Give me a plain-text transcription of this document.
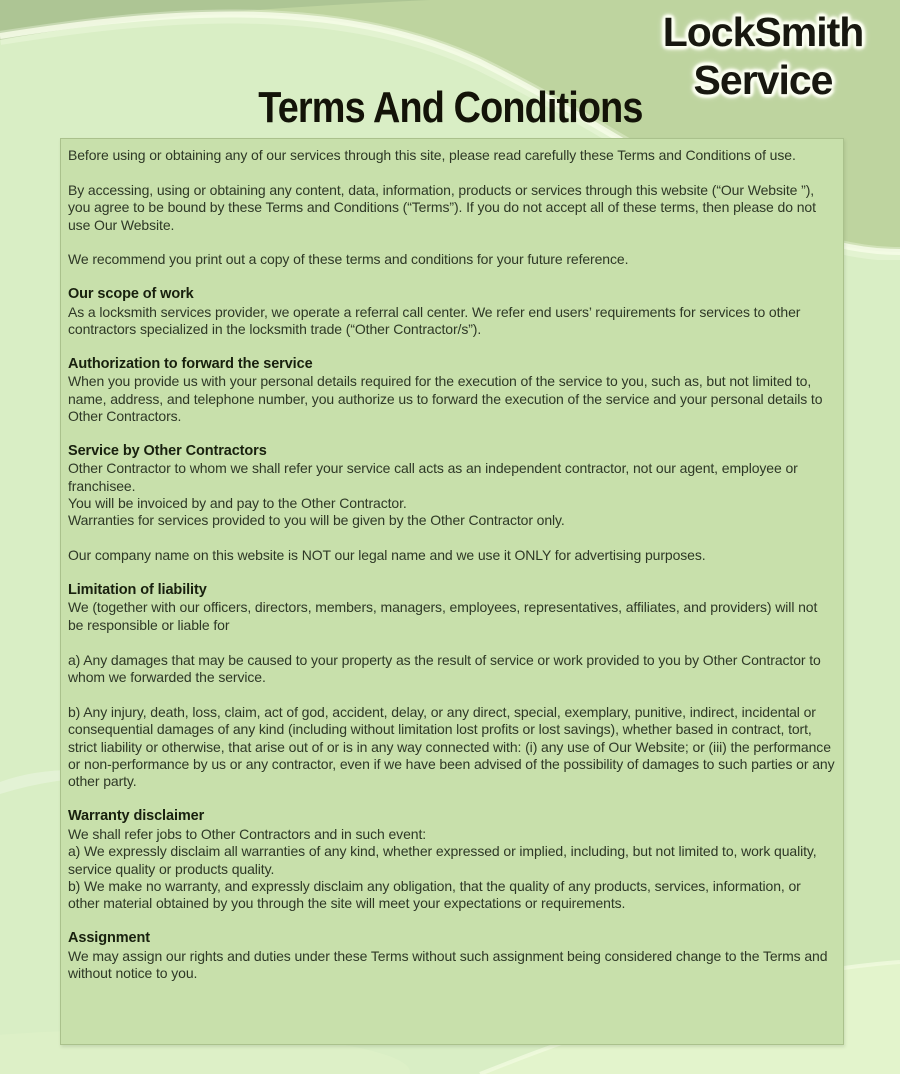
LockSmith
Service
Terms And Conditions
Before using or obtaining any of our services through this site, please read carefully these Terms and Conditions of use.
By accessing, using or obtaining any content, data, information, products or services through this website (“Our Website ”), you agree to be bound by these Terms and Conditions (“Terms”). If you do not accept all of these terms, then please do not use Our Website.
We recommend you print out a copy of these terms and conditions for your future reference.
Our scope of work
As a locksmith services provider, we operate a referral call center. We refer end users’ requirements for services to other contractors specialized in the locksmith trade (“Other Contractor/s”).
Authorization to forward the service
When you provide us with your personal details required for the execution of the service to you, such as, but not limited to, name, address, and telephone number, you authorize us to forward the execution of the service and your personal details to Other Contractors.
Service by Other Contractors
Other Contractor to whom we shall refer your service call acts as an independent contractor, not our agent, employee or franchisee.
You will be invoiced by and pay to the Other Contractor.
Warranties for services provided to you will be given by the Other Contractor only.
Our company name on this website is NOT our legal name and we use it ONLY for advertising purposes.
Limitation of liability
We (together with our officers, directors, members, managers, employees, representatives, affiliates, and providers) will not be responsible or liable for
a) Any damages that may be caused to your property as the result of service or work provided to you by Other Contractor to whom we forwarded the service.
b) Any injury, death, loss, claim, act of god, accident, delay, or any direct, special, exemplary, punitive, indirect, incidental or consequential damages of any kind (including without limitation lost profits or lost savings), whether based in contract, tort, strict liability or otherwise, that arise out of or is in any way connected with: (i) any use of Our Website; or (iii) the performance or non-performance by us or any contractor, even if we have been advised of the possibility of damages to such parties or any other party.
Warranty disclaimer
We shall refer jobs to Other Contractors and in such event:
a) We expressly disclaim all warranties of any kind, whether expressed or implied, including, but not limited to, work quality, service quality or products quality.
b) We make no warranty, and expressly disclaim any obligation, that the quality of any products, services, information, or other material obtained by you through the site will meet your expectations or requirements.
Assignment
We may assign our rights and duties under these Terms without such assignment being considered change to the Terms and without notice to you.
